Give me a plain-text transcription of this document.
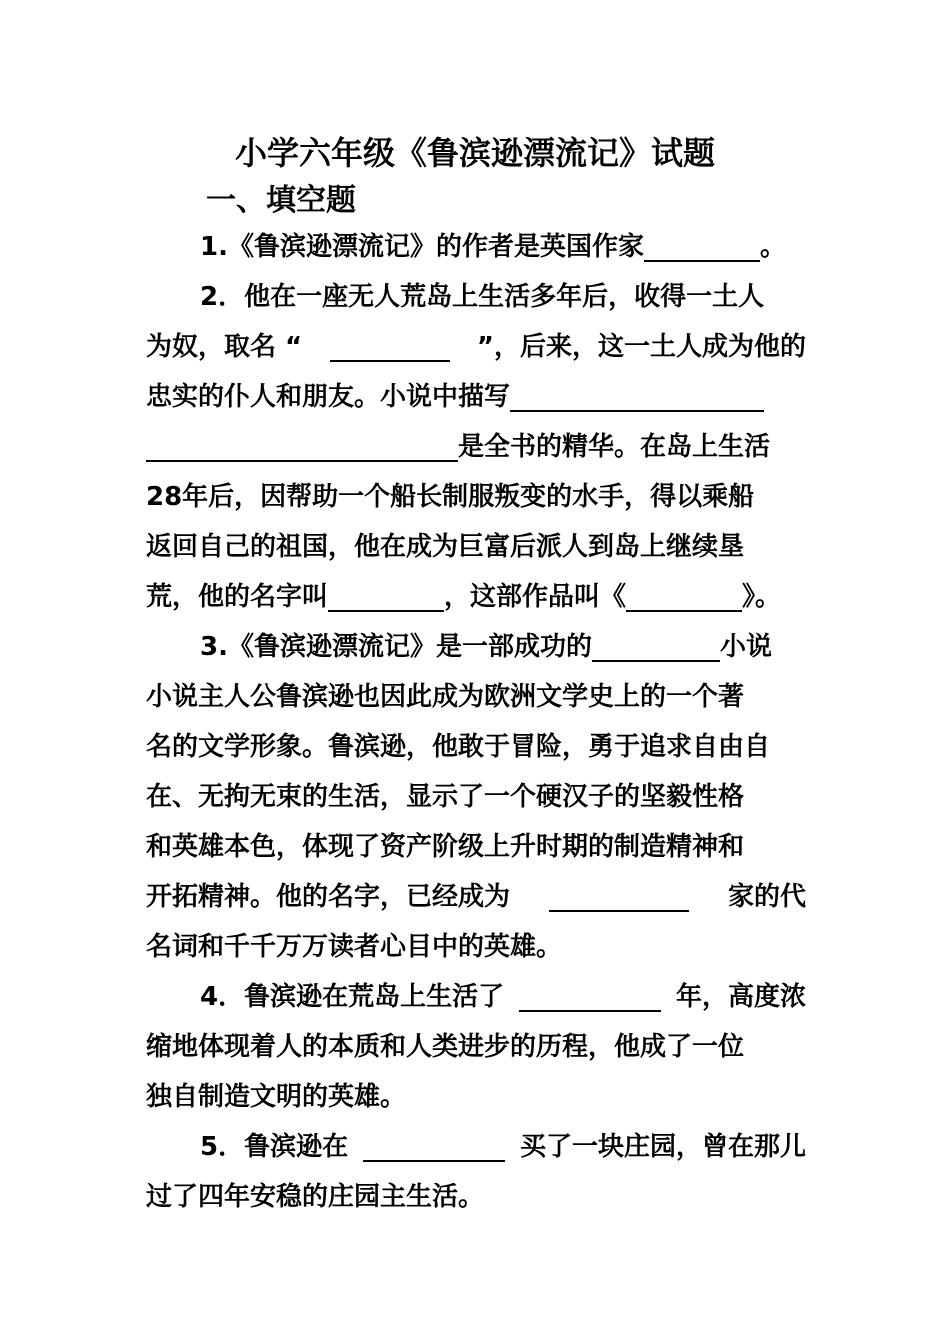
小学六年级《鲁滨逊漂流记》试题
一、填空题
1.《鲁滨逊漂流记》的作者是英国作家	。
2．他在一座无人荒岛上生活多年后，收得一土人
为奴，取名 “	”，后来，这一土人成为他的
忠实的仆人和朋友。小说中描写
是全书的精华。在岛上生活
28年后，因帮助一个船长制服叛变的水手，得以乘船
返回自己的祖国，他在成为巨富后派人到岛上继续垦
荒，他的名字叫	，这部作品叫《	》。
3.《鲁滨逊漂流记》是一部成功的	小说
小说主人公鲁滨逊也因此成为欧洲文学史上的一个著
名的文学形象。鲁滨逊，他敢于冒险，勇于追求自由自
在、无拘无束的生活，显示了一个硬汉子的坚毅性格
和英雄本色，体现了资产阶级上升时期的制造精神和
开拓精神。他的名字，已经成为	家的代
名词和千千万万读者心目中的英雄。
4．鲁滨逊在荒岛上生活了	年，高度浓
缩地体现着人的本质和人类进步的历程，他成了一位
独自制造文明的英雄。
5．鲁滨逊在	买了一块庄园，曾在那儿
过了四年安稳的庄园主生活。
